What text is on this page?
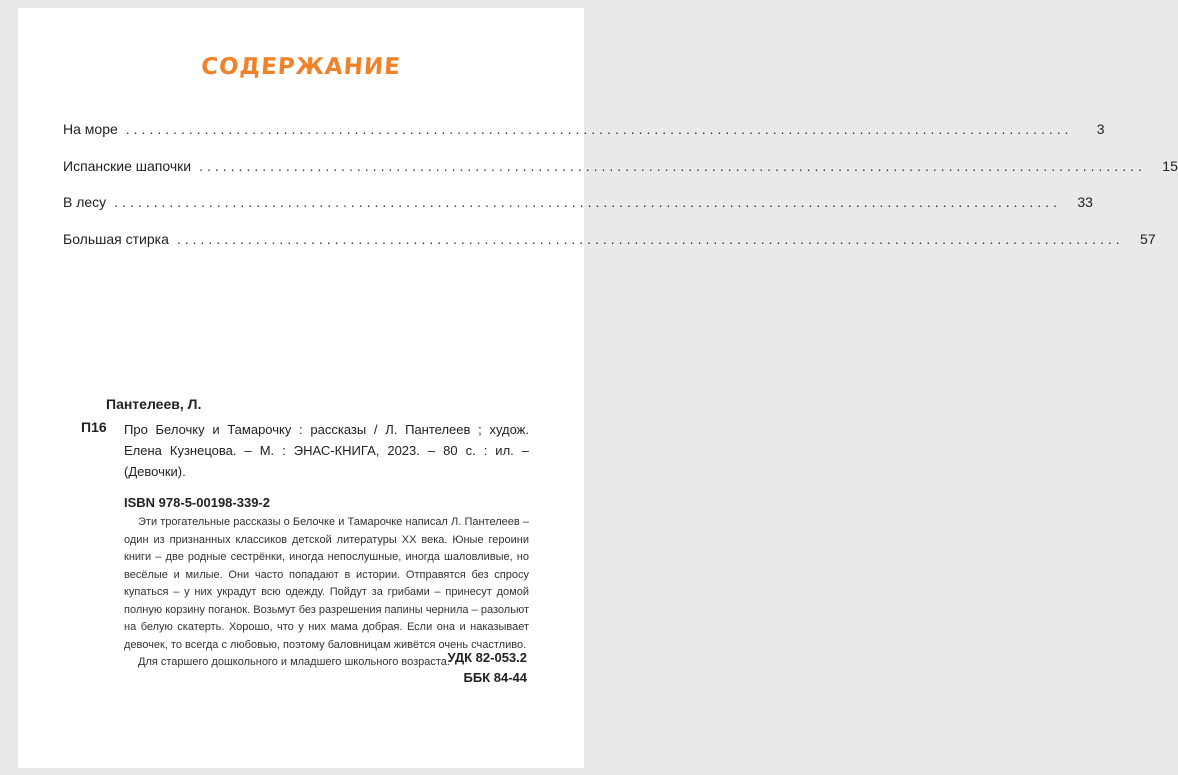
СОДЕРЖАНИЕ
На море ........................................................................................................................	3
Испанские шапочки ........................................................................................................................	15
В лесу ........................................................................................................................	33
Большая стирка ........................................................................................................................	57
Пантелеев, Л.
П16 Про Белочку и Тамарочку : рассказы / Л. Пантелеев ; худож. Елена Кузнецова. – М. : ЭНАС-КНИГА, 2023. – 80 с. : ил. – (Девочки).
ISBN 978-5-00198-339-2

Эти трогательные рассказы о Белочке и Тамарочке написал Л. Пантелеев – один из признанных классиков детской литературы XX века. Юные героини книги – две родные сестрёнки, иногда непослушные, иногда шаловливые, но весёлые и милые. Они часто попадают в истории. Отправятся без спросу купаться – у них украдут всю одежду. Пойдут за грибами – принесут домой полную корзину поганок. Возьмут без разрешения папины чернила – разольют на белую скатерть. Хорошо, что у них мама добрая. Если она и наказывает девочек, то всегда с любовью, поэтому баловницам живётся очень счастливо.

Для старшего дошкольного и младшего школьного возраста.

УДК 82-053.2
ББК 84-44
